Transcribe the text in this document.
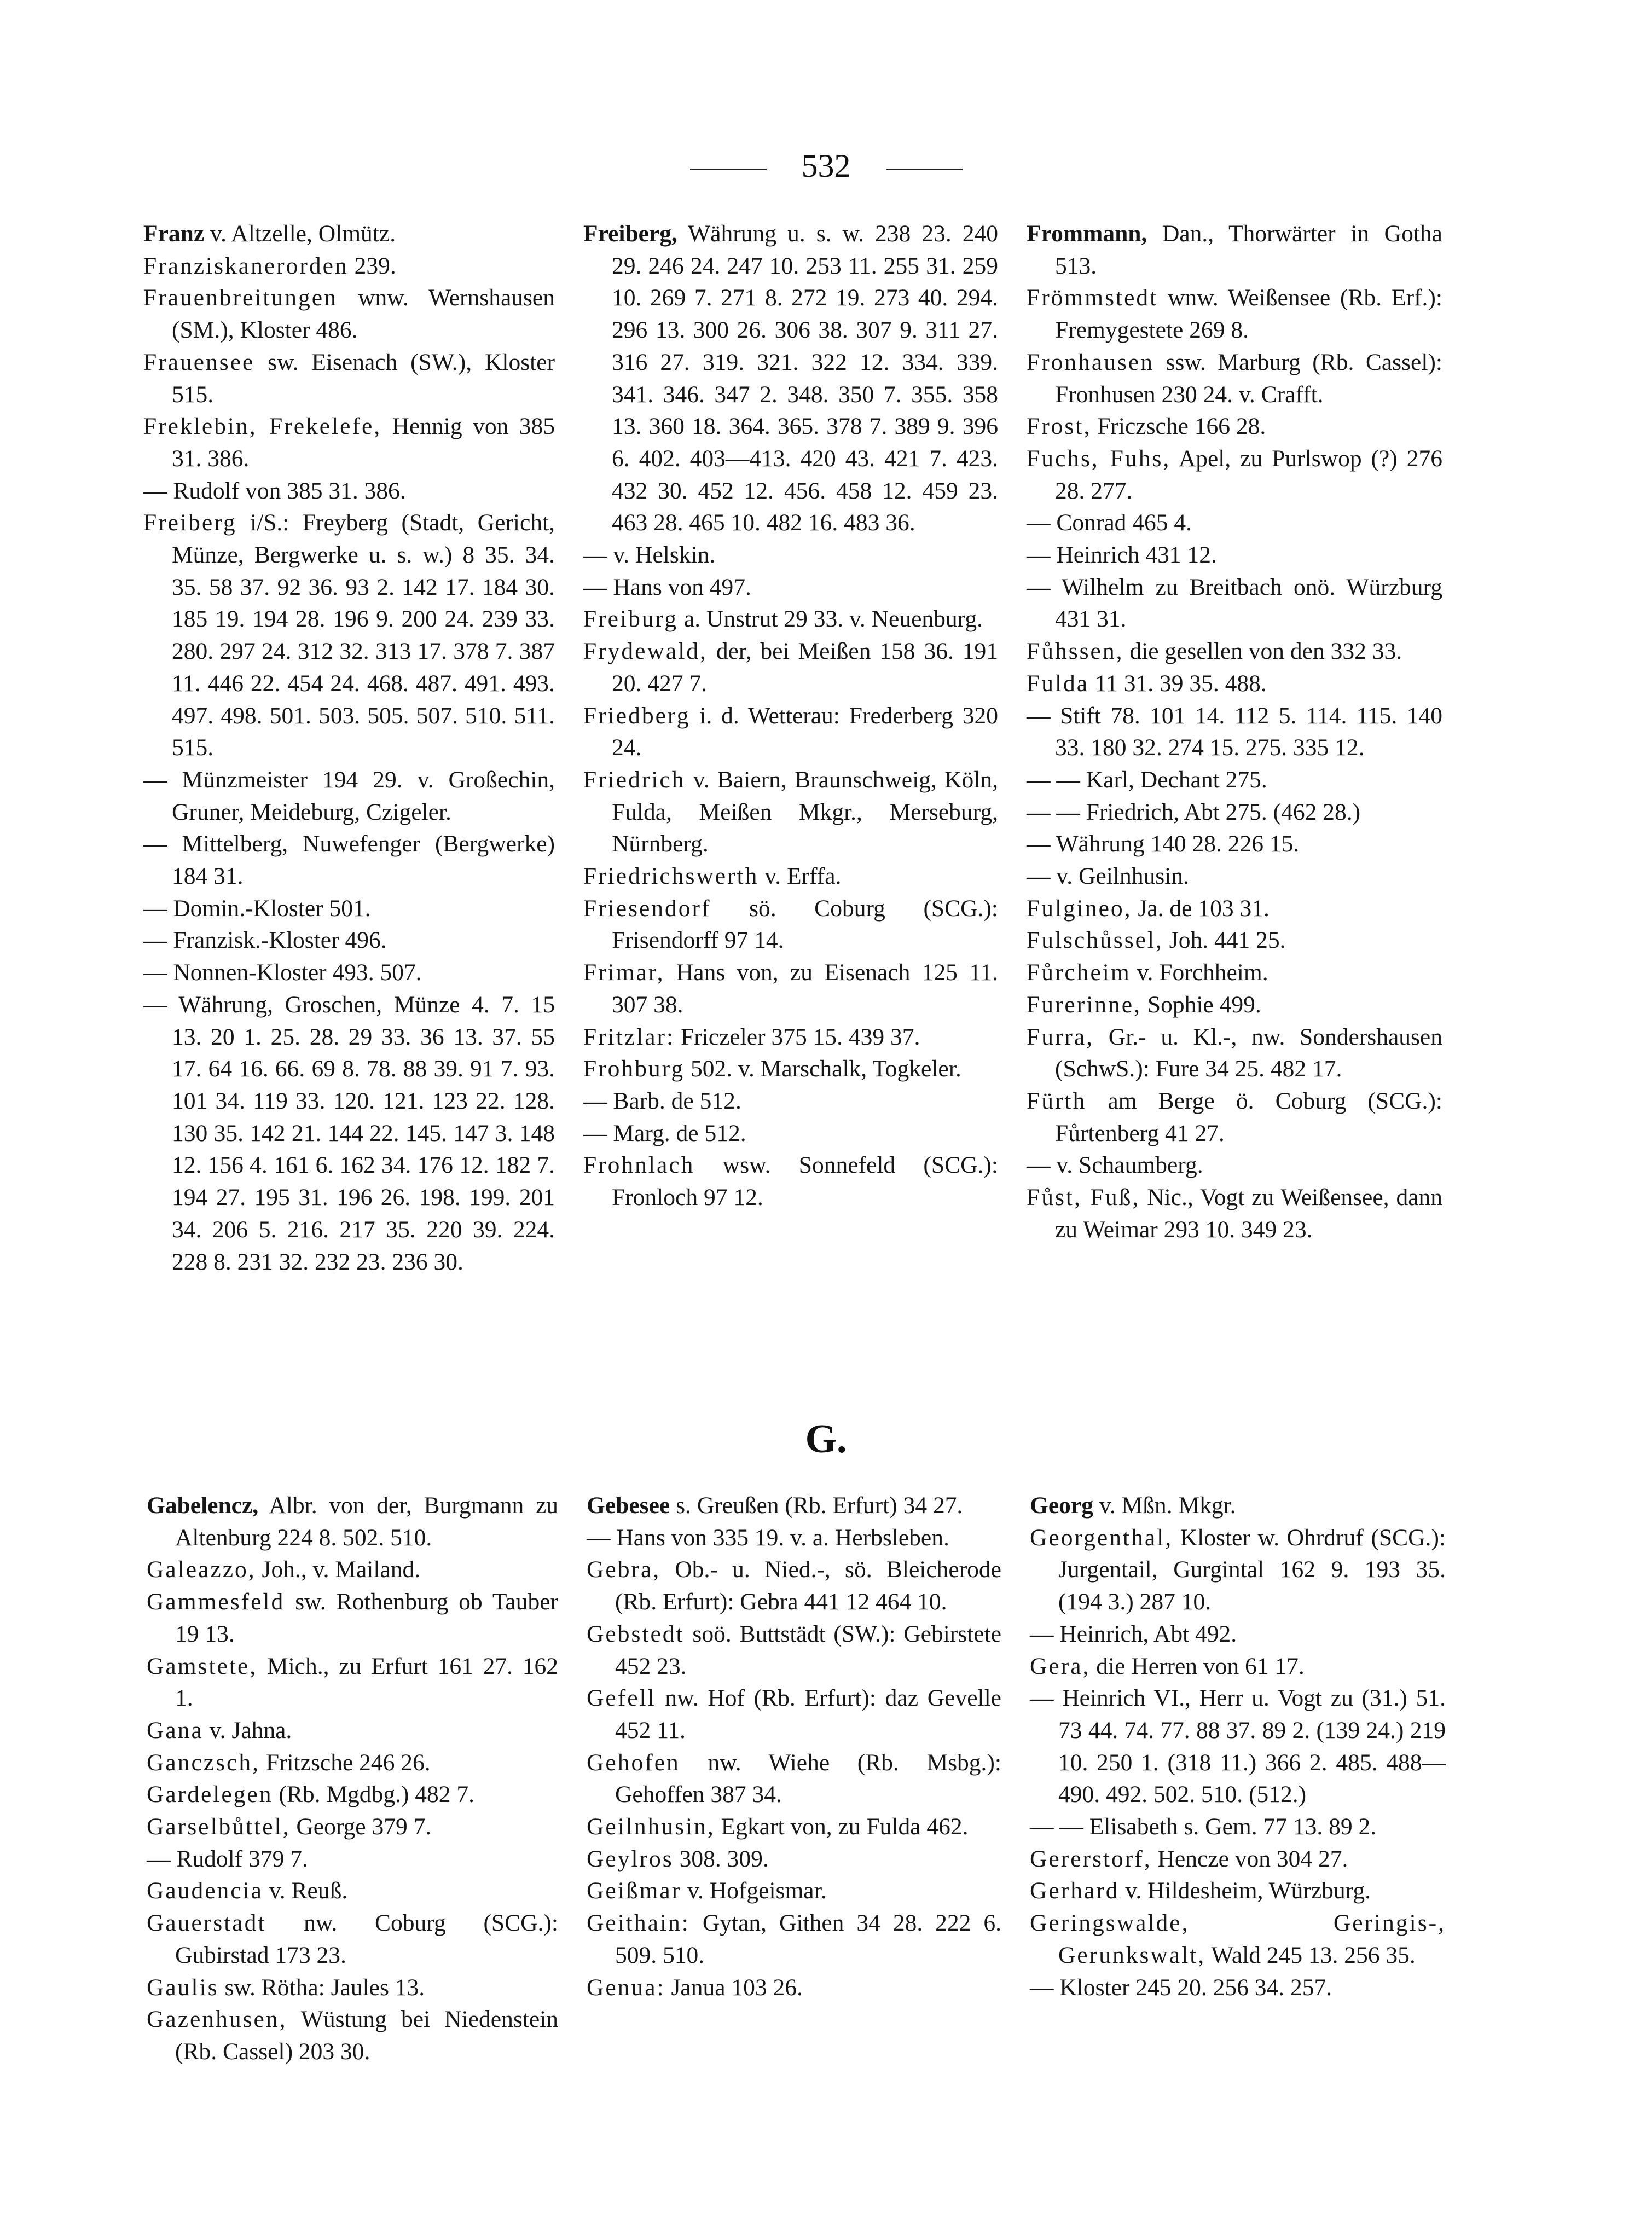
532
Franz v. Altzelle, Olmütz.
Franziskanerorden 239.
Frauenbreitungen wnw. Wernshausen (SM.), Kloster 486.
Frauensee sw. Eisenach (SW.), Kloster 515.
Freklebin, Frekelefe, Hennig von 385 31. 386.
— Rudolf von 385 31. 386.
Freiberg i/S.: Freyberg (Stadt, Gericht, Münze, Bergwerke u. s. w.) 8 35. 34. 35. 58 37. 92 36. 93 2. 142 17. 184 30. 185 19. 194 28. 196 9. 200 24. 239 33. 280. 297 24. 312 32. 313 17. 378 7. 387 11. 446 22. 454 24. 468. 487. 491. 493. 497. 498. 501. 503. 505. 507. 510. 511. 515.
— Münzmeister 194 29. v. Großechin, Gruner, Meideburg, Czigeler.
— Mittelberg, Nuwefenger (Bergwerke) 184 31.
— Domin.-Kloster 501.
— Franzisk.-Kloster 496.
— Nonnen-Kloster 493. 507.
— Währung, Groschen, Münze 4. 7. 15 13. 20 1. 25. 28. 29 33. 36 13. 37. 55 17. 64 16. 66. 69 8. 78. 88 39. 91 7. 93. 101 34. 119 33. 120. 121. 123 22. 128. 130 35. 142 21. 144 22. 145. 147 3. 148 12. 156 4. 161 6. 162 34. 176 12. 182 7. 194 27. 195 31. 196 26. 198. 199. 201 34. 206 5. 216. 217 35. 220 39. 224. 228 8. 231 32. 232 23. 236 30.
Freiberg, Währung u. s. w. 238 23. 240 29. 246 24. 247 10. 253 11. 255 31. 259 10. 269 7. 271 8. 272 19. 273 40. 294. 296 13. 300 26. 306 38. 307 9. 311 27. 316 27. 319. 321. 322 12. 334. 339. 341. 346. 347 2. 348. 350 7. 355. 358 13. 360 18. 364. 365. 378 7. 389 9. 396 6. 402. 403—413. 420 43. 421 7. 423. 432 30. 452 12. 456. 458 12. 459 23. 463 28. 465 10. 482 16. 483 36.
— v. Helskin.
— Hans von 497.
Freiburg a. Unstrut 29 33. v. Neuenburg.
Frydewald, der, bei Meißen 158 36. 191 20. 427 7.
Friedberg i. d. Wetterau: Frederberg 320 24.
Friedrich v. Baiern, Braunschweig, Köln, Fulda, Meißen Mkgr., Merseburg, Nürnberg.
Friedrichswerth v. Erffa.
Friesendorf sö. Coburg (SCG.): Frisendorff 97 14.
Frimar, Hans von, zu Eisenach 125 11. 307 38.
Fritzlar: Friczeler 375 15. 439 37.
Frohburg 502. v. Marschalk, Togkeler.
— Barb. de 512.
— Marg. de 512.
Frohnlach wsw. Sonnefeld (SCG.): Fronloch 97 12.
Frommann, Dan., Thorwärter in Gotha 513.
Frömmstedt wnw. Weißensee (Rb. Erf.): Fremygestete 269 8.
Fronhausen ssw. Marburg (Rb. Cassel): Fronhusen 230 24. v. Crafft.
Frost, Friczsche 166 28.
Fuchs, Fuhs, Apel, zu Purlswop (?) 276 28. 277.
— Conrad 465 4.
— Heinrich 431 12.
— Wilhelm zu Breitbach onö. Würzburg 431 31.
Fůhssen, die gesellen von den 332 33.
Fulda 11 31. 39 35. 488.
— Stift 78. 101 14. 112 5. 114. 115. 140 33. 180 32. 274 15. 275. 335 12.
— — Karl, Dechant 275.
— — Friedrich, Abt 275. (462 28.)
— Währung 140 28. 226 15.
— v. Geilnhusin.
Fulgineo, Ja. de 103 31.
Fulschůssel, Joh. 441 25.
Fůrcheim v. Forchheim.
Furerinne, Sophie 499.
Furra, Gr.- u. Kl.-, nw. Sondershausen (SchwS.): Fure 34 25. 482 17.
Fürth am Berge ö. Coburg (SCG.): Fůrtenberg 41 27.
— v. Schaumberg.
Fůst, Fuß, Nic., Vogt zu Weißensee, dann zu Weimar 293 10. 349 23.
G.
Gabelencz, Albr. von der, Burgmann zu Altenburg 224 8. 502. 510.
Galeazzo, Joh., v. Mailand.
Gammesfeld sw. Rothenburg ob Tauber 19 13.
Gamstete, Mich., zu Erfurt 161 27. 162 1.
Gana v. Jahna.
Ganczsch, Fritzsche 246 26.
Gardelegen (Rb. Mgdbg.) 482 7.
Garselbůttel, George 379 7.
— Rudolf 379 7.
Gaudencia v. Reuß.
Gauerstadt nw. Coburg (SCG.): Gubirstad 173 23.
Gaulis sw. Rötha: Jaules 13.
Gazenhusen, Wüstung bei Niedenstein (Rb. Cassel) 203 30.
Gebesee s. Greußen (Rb. Erfurt) 34 27.
— Hans von 335 19. v. a. Herbsleben.
Gebra, Ob.- u. Nied.-, sö. Bleicherode (Rb. Erfurt): Gebra 441 12 464 10.
Gebstedt soö. Buttstädt (SW.): Gebirstete 452 23.
Gefell nw. Hof (Rb. Erfurt): daz Gevelle 452 11.
Gehofen nw. Wiehe (Rb. Msbg.): Gehoffen 387 34.
Geilnhusin, Egkart von, zu Fulda 462.
Geylros 308. 309.
Geißmar v. Hofgeismar.
Geithain: Gytan, Githen 34 28. 222 6. 509. 510.
Genua: Janua 103 26.
Georg v. Mßn. Mkgr.
Georgenthal, Kloster w. Ohrdruf (SCG.): Jurgentail, Gurgintal 162 9. 193 35. (194 3.) 287 10.
— Heinrich, Abt 492.
Gera, die Herren von 61 17.
— Heinrich VI., Herr u. Vogt zu (31.) 51. 73 44. 74. 77. 88 37. 89 2. (139 24.) 219 10. 250 1. (318 11.) 366 2. 485. 488—490. 492. 502. 510. (512.)
— — Elisabeth s. Gem. 77 13. 89 2.
Gererstorf, Hencze von 304 27.
Gerhard v. Hildesheim, Würzburg.
Geringswalde, Geringis-, Gerunkswalt, Wald 245 13. 256 35.
— Kloster 245 20. 256 34. 257.
